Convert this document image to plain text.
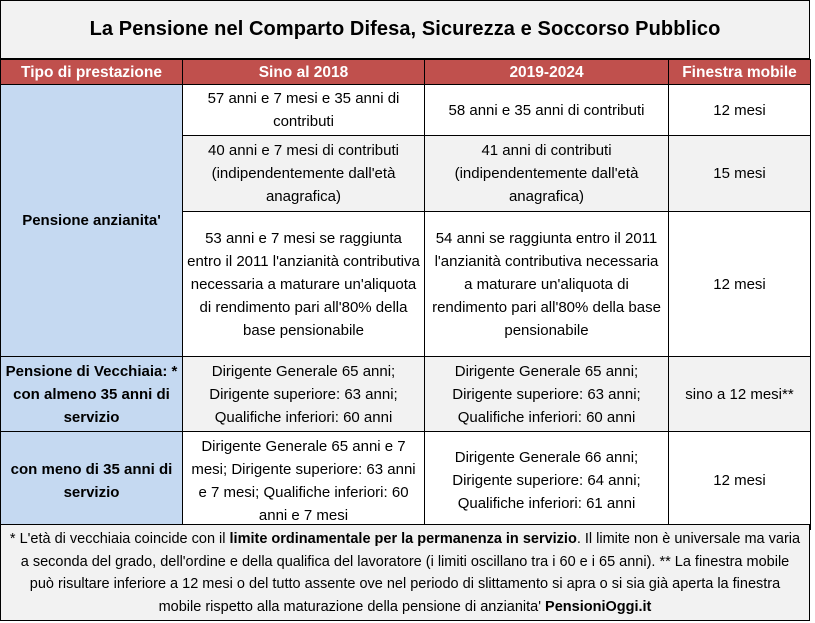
La Pensione nel Comparto Difesa, Sicurezza e Soccorso Pubblico
Tipo di prestazione	Sino al 2018	2019-2024	Finestra mobile
Pensione anzianita'	57 anni e 7 mesi e 35 anni di contributi	58 anni e 35 anni di contributi	12 mesi
	40 anni e 7 mesi di contributi (indipendentemente dall'età anagrafica)	41 anni di contributi (indipendentemente dall'età anagrafica)	15 mesi
	53 anni e 7 mesi se raggiunta entro il 2011 l'anzianità contributiva necessaria a maturare un'aliquota di rendimento pari all'80% della base pensionabile	54 anni se raggiunta entro il 2011 l'anzianità contributiva necessaria a maturare un'aliquota di rendimento pari all'80% della base pensionabile	12 mesi
Pensione di Vecchiaia: * con almeno 35 anni di servizio	Dirigente Generale 65 anni; Dirigente superiore: 63 anni; Qualifiche inferiori: 60 anni	Dirigente Generale 65 anni; Dirigente superiore: 63 anni; Qualifiche inferiori: 60 anni	sino a 12 mesi**
con meno di 35 anni di servizio	Dirigente Generale 65 anni e 7 mesi; Dirigente superiore: 63 anni e 7 mesi; Qualifiche inferiori: 60 anni e 7 mesi	Dirigente Generale 66 anni; Dirigente superiore: 64 anni; Qualifiche inferiori: 61 anni	12 mesi
* L'età di vecchiaia coincide con il limite ordinamentale per la permanenza in servizio. Il limite non è universale ma varia a seconda del grado, dell'ordine e della qualifica del lavoratore (i limiti oscillano tra i 60 e i 65 anni). ** La finestra mobile può risultare inferiore a 12 mesi o del tutto assente ove nel periodo di slittamento si apra o si sia già aperta la finestra mobile rispetto alla maturazione della pensione di anzianita' PensioniOggi.it
